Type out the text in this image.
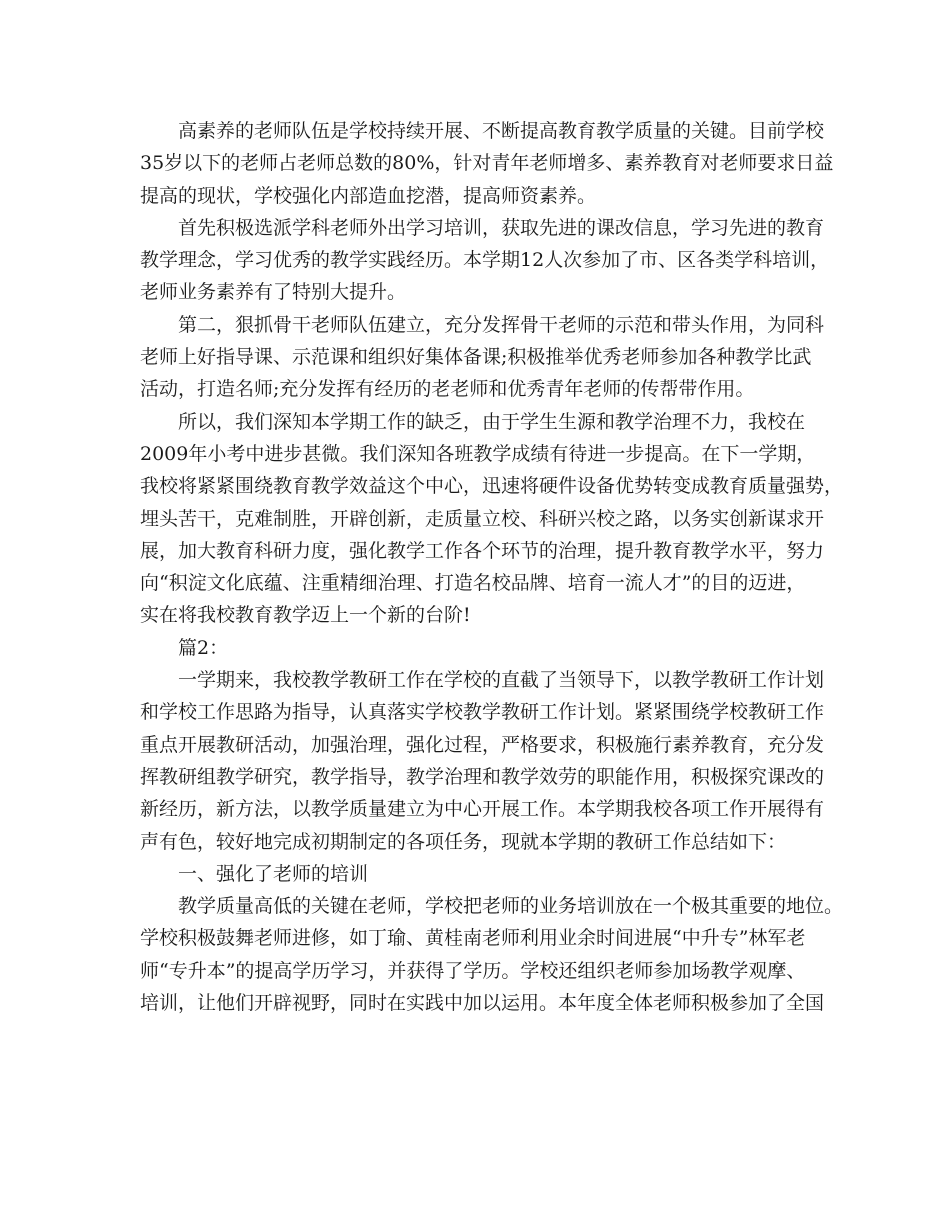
高素养的老师队伍是学校持续开展、不断提高教育教学质量的关键。目前学校
35岁以下的老师占老师总数的80%，针对青年老师增多、素养教育对老师要求日益
提高的现状，学校强化内部造血挖潜，提高师资素养。
首先积极选派学科老师外出学习培训，获取先进的课改信息，学习先进的教育
教学理念，学习优秀的教学实践经历。本学期12人次参加了市、区各类学科培训，
老师业务素养有了特别大提升。
第二，狠抓骨干老师队伍建立，充分发挥骨干老师的示范和带头作用，为同科
老师上好指导课、示范课和组织好集体备课;积极推举优秀老师参加各种教学比武
活动，打造名师;充分发挥有经历的老老师和优秀青年老师的传帮带作用。
所以，我们深知本学期工作的缺乏，由于学生生源和教学治理不力，我校在
2009年小考中进步甚微。我们深知各班教学成绩有待进一步提高。在下一学期，
我校将紧紧围绕教育教学效益这个中心，迅速将硬件设备优势转变成教育质量强势，
埋头苦干，克难制胜，开辟创新，走质量立校、科研兴校之路，以务实创新谋求开
展，加大教育科研力度，强化教学工作各个环节的治理，提升教育教学水平，努力
向“积淀文化底蕴、注重精细治理、打造名校品牌、培育一流人才”的目的迈进，
实在将我校教育教学迈上一个新的台阶!
篇2：
一学期来，我校教学教研工作在学校的直截了当领导下，以教学教研工作计划
和学校工作思路为指导，认真落实学校教学教研工作计划。紧紧围绕学校教研工作
重点开展教研活动，加强治理，强化过程，严格要求，积极施行素养教育，充分发
挥教研组教学研究，教学指导，教学治理和教学效劳的职能作用，积极探究课改的
新经历，新方法，以教学质量建立为中心开展工作。本学期我校各项工作开展得有
声有色，较好地完成初期制定的各项任务，现就本学期的教研工作总结如下：
一、强化了老师的培训
教学质量高低的关键在老师，学校把老师的业务培训放在一个极其重要的地位。
学校积极鼓舞老师进修，如丁瑜、黄桂南老师利用业余时间进展“中升专”林军老
师“专升本”的提高学历学习，并获得了学历。学校还组织老师参加场教学观摩、
培训，让他们开辟视野，同时在实践中加以运用。本年度全体老师积极参加了全国
